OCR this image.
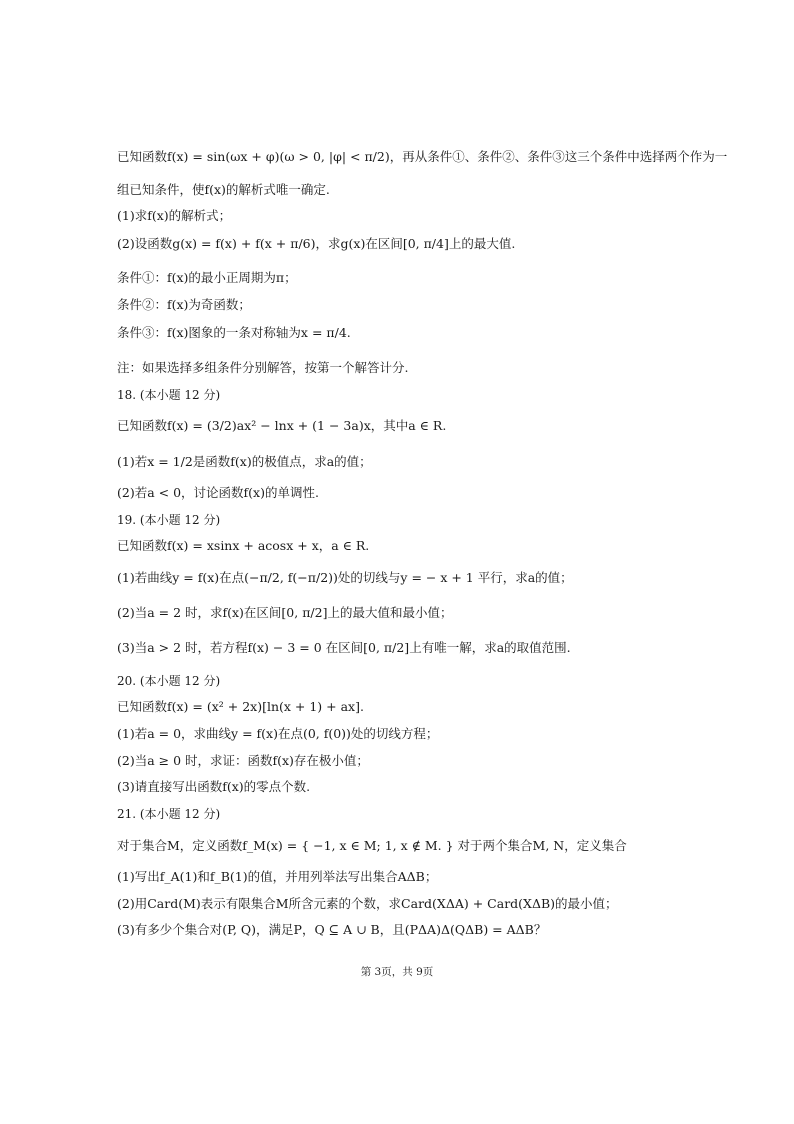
已知函数f(x) = sin(ωx + φ)(ω > 0, |φ| < π/2)，再从条件①、条件②、条件③这三个条件中选择两个作为一
组已知条件，使f(x)的解析式唯一确定.
(1)求f(x)的解析式；
(2)设函数g(x) = f(x) + f(x + π/6)，求g(x)在区间[0, π/4]上的最大值.
条件①：f(x)的最小正周期为π；
条件②：f(x)为奇函数；
条件③：f(x)图象的一条对称轴为x = π/4.
注：如果选择多组条件分别解答，按第一个解答计分.
18. (本小题 12 分)
已知函数f(x) = (3/2)ax² − lnx + (1 − 3a)x，其中a ∈ R.
(1)若x = 1/2是函数f(x)的极值点，求a的值；
(2)若a < 0，讨论函数f(x)的单调性.
19. (本小题 12 分)
已知函数f(x) = xsinx + acosx + x，a ∈ R.
(1)若曲线y = f(x)在点(−π/2, f(−π/2))处的切线与y = − x + 1 平行，求a的值；
(2)当a = 2 时，求f(x)在区间[0, π/2]上的最大值和最小值；
(3)当a > 2 时，若方程f(x) − 3 = 0 在区间[0, π/2]上有唯一解，求a的取值范围.
20. (本小题 12 分)
已知函数f(x) = (x² + 2x)[ln(x + 1) + ax].
(1)若a = 0，求曲线y = f(x)在点(0, f(0))处的切线方程；
(2)当a ≥ 0 时，求证：函数f(x)存在极小值；
(3)请直接写出函数f(x)的零点个数.
21. (本小题 12 分)
对于集合M，定义函数f_M(x) = { −1, x ∈ M; 1, x ∉ M. } 对于两个集合M, N，定义集合
(1)写出f_A(1)和f_B(1)的值，并用列举法写出集合AΔB；
(2)用Card(M)表示有限集合M所含元素的个数，求Card(XΔA) + Card(XΔB)的最小值；
(3)有多少个集合对(P, Q)，满足P，Q ⊆ A ∪ B，且(PΔA)Δ(QΔB) = AΔB？
第 3页，共 9页
